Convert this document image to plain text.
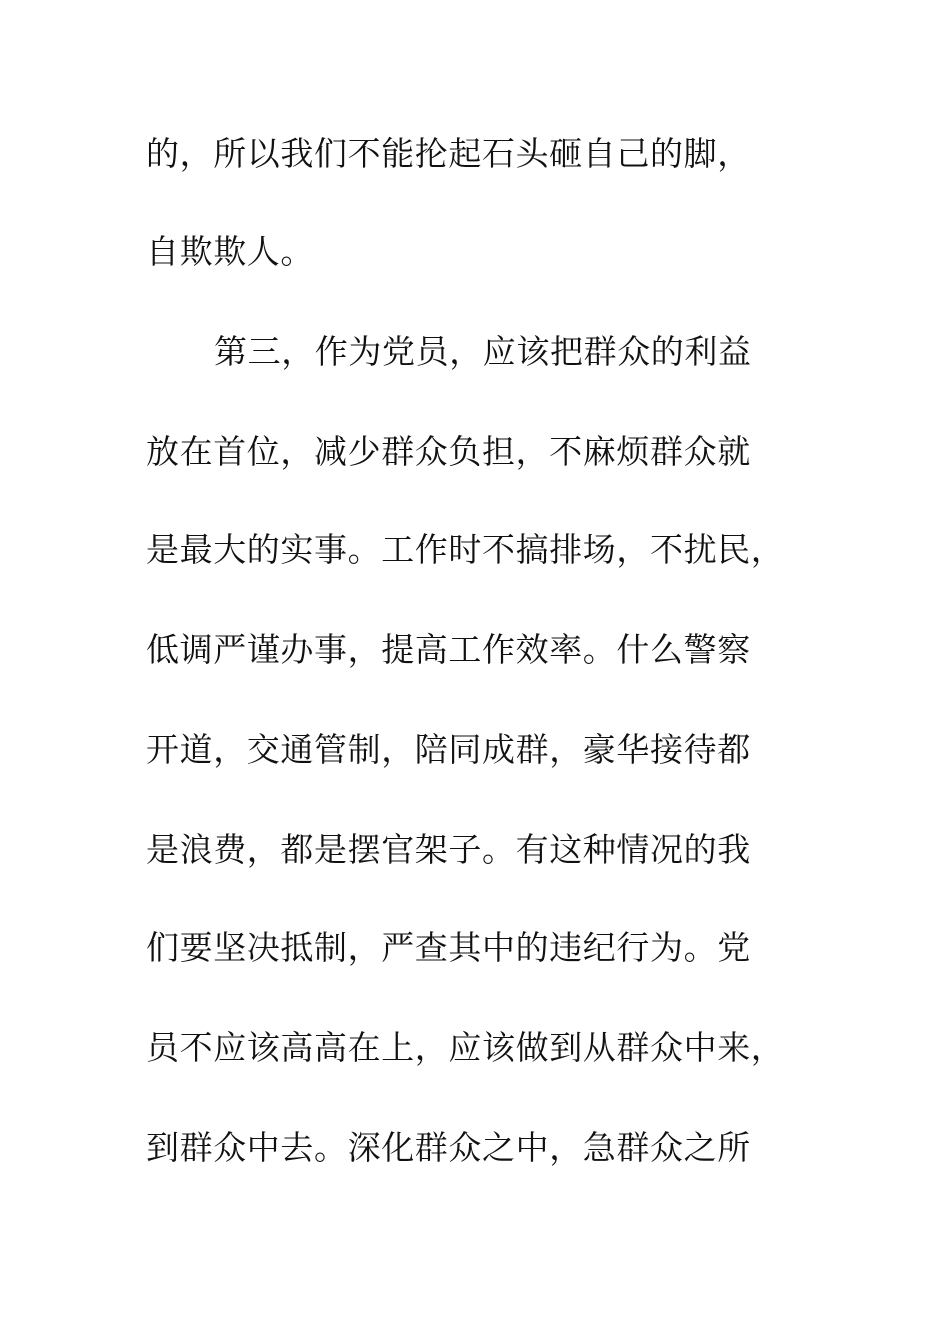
的，所以我们不能抡起石头砸自己的脚，
自欺欺人。
第三，作为党员，应该把群众的利益
放在首位，减少群众负担，不麻烦群众就
是最大的实事。工作时不搞排场，不扰民，
低调严谨办事，提高工作效率。什么警察
开道，交通管制，陪同成群，豪华接待都
是浪费，都是摆官架子。有这种情况的我
们要坚决抵制，严查其中的违纪行为。党
员不应该高高在上，应该做到从群众中来，
到群众中去。深化群众之中，急群众之所
